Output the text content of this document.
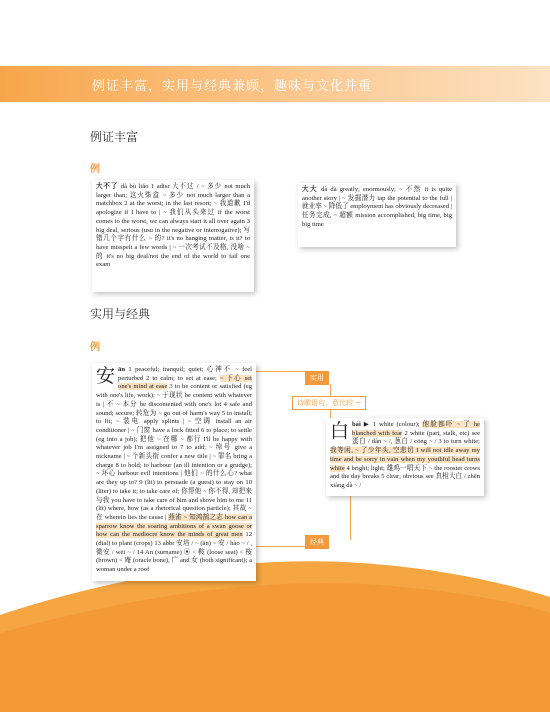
例证丰富，实用与经典兼顾，趣味与文化并重
例证丰富
例
大不了 dà bù liǎo 1 adisr 大不过 / ~ 多少 not much larger than; 这火柴盒 ~ 多少 not much larger than a matchbox 2 at the worst; in the last resort; ~ 我道歉 I'd apologize if I have to | ~ 我们从头来过 if the worst comes to the worst, we can always start it all over again 3 big deal, serious (usu in the negative or interrogative); 写错几个字有什么 ~ 的? it's no hanging matter, is it? to have misspelt a few words | ~ 一次考试不及格, 没啥 ~ 的 it's no big deal/not the end of the world to fail one exam
大大 dà dà greatly; enormously; ~ 不然 it is quite another story | ~ 发掘潜力 tap the potential to the full | 就业率 ~ 降低了 employment has obviously decreased | 任务完成, ~ 超额 mission accomplished, big time, big big time
实用与经典
例
安 ān 1 peaceful; tranquil; quiet; 心神不 ~ feel perturbed 2 to calm; to set at ease; ~ 下心 set one's mind at ease 3 to be content or satisfied (eg with one's life, work); ~ 于现状 be content with whatever is | 不 ~ 本分 be discontented with one's lot 4 safe and sound; secure; 转危为 ~ go out of harm's way 5 to install; to fit; ~ 装电 apply splints | ~ 空调 install an air conditioner | ~ 门窗 have a lock fitted 6 to place; to settle (eg into a job); 把他 ~ 在哪 ~ 都行 I'll be happy with whatever job I'm assigned to 7 to add; ~ 绰号 give a nickname | ~ 个新头衔 confer a new title | ~ 罪名 bring a charge 8 to hold; to harbour (an ill intention or a grudge); ~ 坏心 harbour evil intentions | 他们 ~ 的什么心? what are they up to? 9 (lit) to persuade (a guest) to stay on 10 (liter) to take it; to take care of; 你帮他 ~ 你不得, 却把来与我 you have to take care of him and shove him to me 11 (lit) where, how (as a rhetorical question particle); 其故 ~ 在 wherein lies the cause | 燕雀 ~ 知鸿鹄之志 how can a sparrow know the soaring ambitions of a swan goose or how can the mediocre know the minds of great men 12 (dial) to plant (crops) 13 abbr 安培 / ~ (ān) ~ 安 / hào ~ / , 微安 / wēi ~ / 14 An (surname) ⦿ < 鞍 (loose seat) < 桉 (brown) < 庵 (oracle bone), ⼴ and 女 (both significant); a woman under a roof
白 bái ▶ 1 white (colour); 他脸都吓 ~ 了 he blanched with fear 2 white (part, stalk, etc) see 蛋白 / dàn ~ /, 葱白 / cōng ~ / 3 to turn white; 我等闲, ~ 了少年头, 空悲切 I will not idle away my time and be sorry in vain when my youthful head turns white 4 bright; light; 雄鸡一唱天下 ~ the rooster crows and the day breaks 5 clear; obvious see 真相大白 / zhēn xiàng dà ~ /
实用
诗歌语句，意比较 ~
经典
